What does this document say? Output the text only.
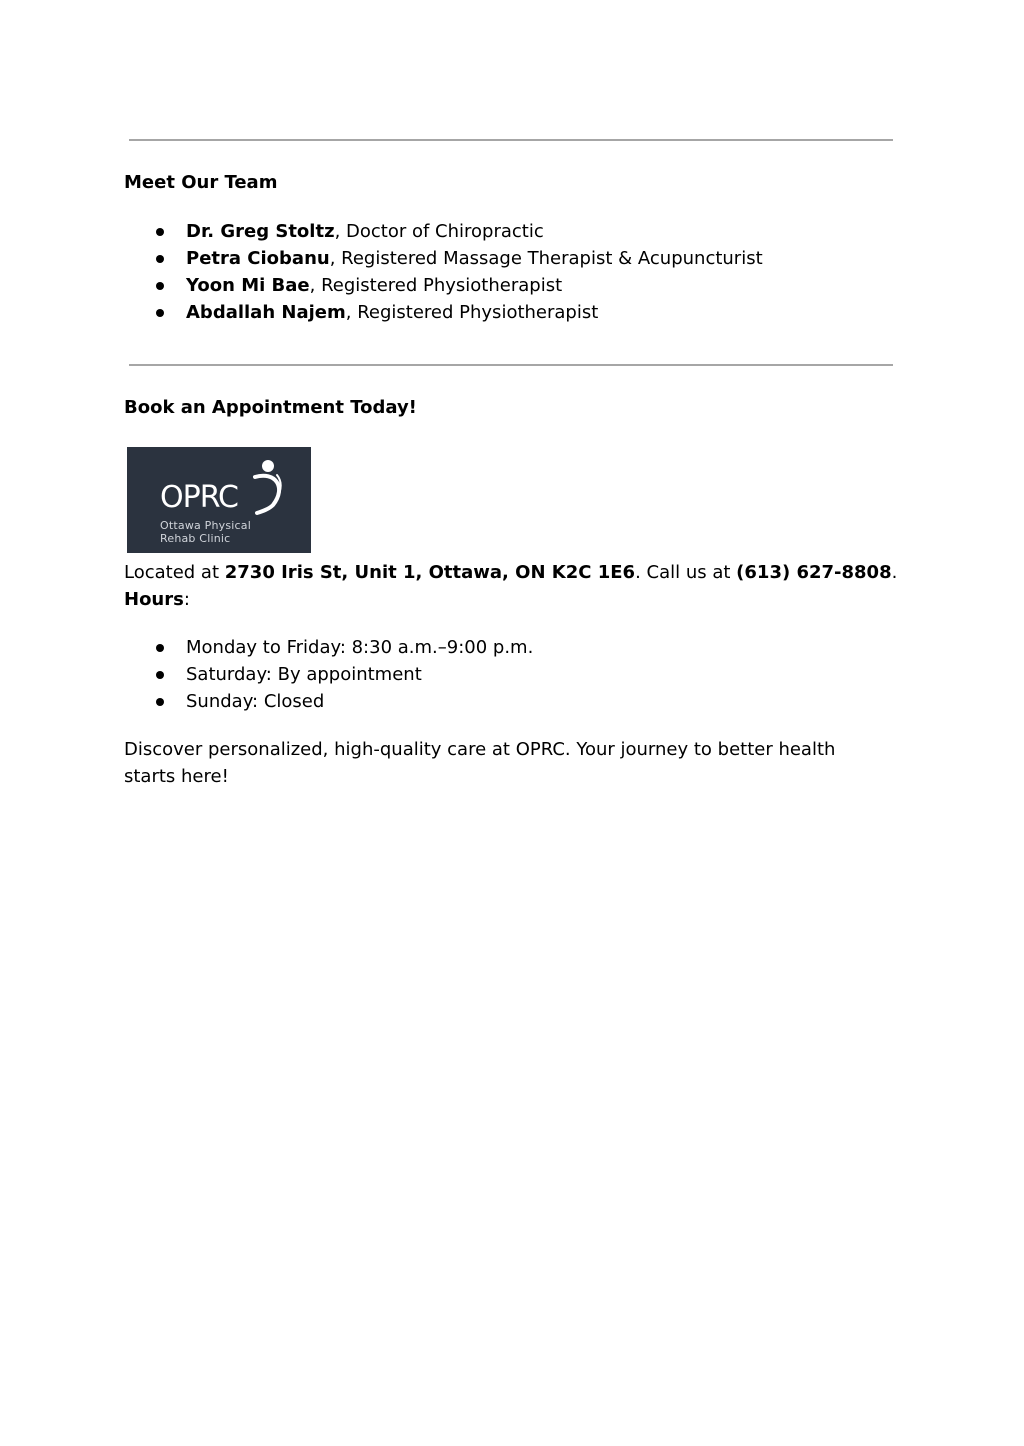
Meet Our Team
Dr. Greg Stoltz, Doctor of Chiropractic
Petra Ciobanu, Registered Massage Therapist & Acupuncturist
Yoon Mi Bae, Registered Physiotherapist
Abdallah Najem, Registered Physiotherapist
Book an Appointment Today!
OPRC
Ottawa Physical
Rehab Clinic

Located at 2730 Iris St, Unit 1, Ottawa, ON K2C 1E6. Call us at (613) 627-8808.
Hours:

Monday to Friday: 8:30 a.m.–9:00 p.m.
Saturday: By appointment
Sunday: Closed

Discover personalized, high-quality care at OPRC. Your journey to better health
starts here!
